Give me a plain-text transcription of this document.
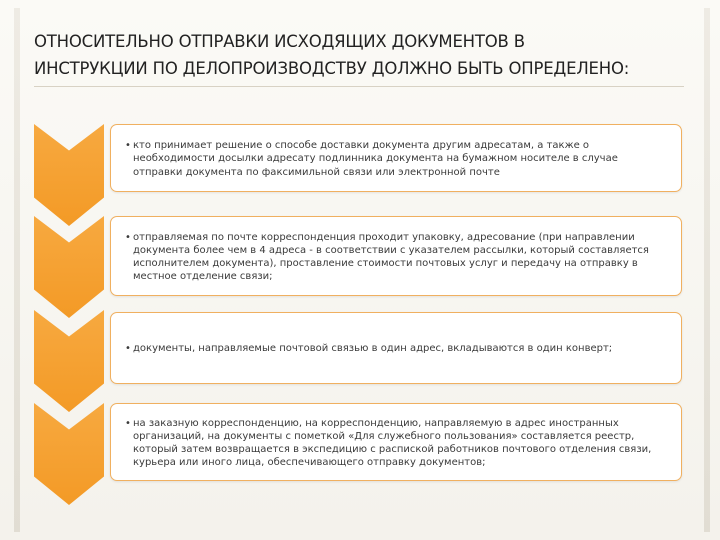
ОТНОСИТЕЛЬНО ОТПРАВКИ ИСХОДЯЩИХ ДОКУМЕНТОВ В ИНСТРУКЦИИ ПО ДЕЛОПРОИЗВОДСТВУ ДОЛЖНО БЫТЬ ОПРЕДЕЛЕНО:

• кто принимает решение о способе доставки документа другим адресатам, а также о необходимости досылки адресату подлинника документа на бумажном носителе в случае отправки документа по факсимильной связи или электронной почте

• отправляемая по почте корреспонденция проходит упаковку, адресование (при направлении документа более чем в 4 адреса - в соответствии с указателем рассылки, который составляется исполнителем документа), проставление стоимости почтовых услуг и передачу на отправку в местное отделение связи;

• документы, направляемые почтовой связью в один адрес, вкладываются в один конверт;

• на заказную корреспонденцию, на корреспонденцию, направляемую в адрес иностранных организаций, на документы с пометкой «Для служебного пользования» составляется реестр, который затем возвращается в экспедицию с распиской работников почтового отделения связи, курьера или иного лица, обеспечивающего отправку документов;
